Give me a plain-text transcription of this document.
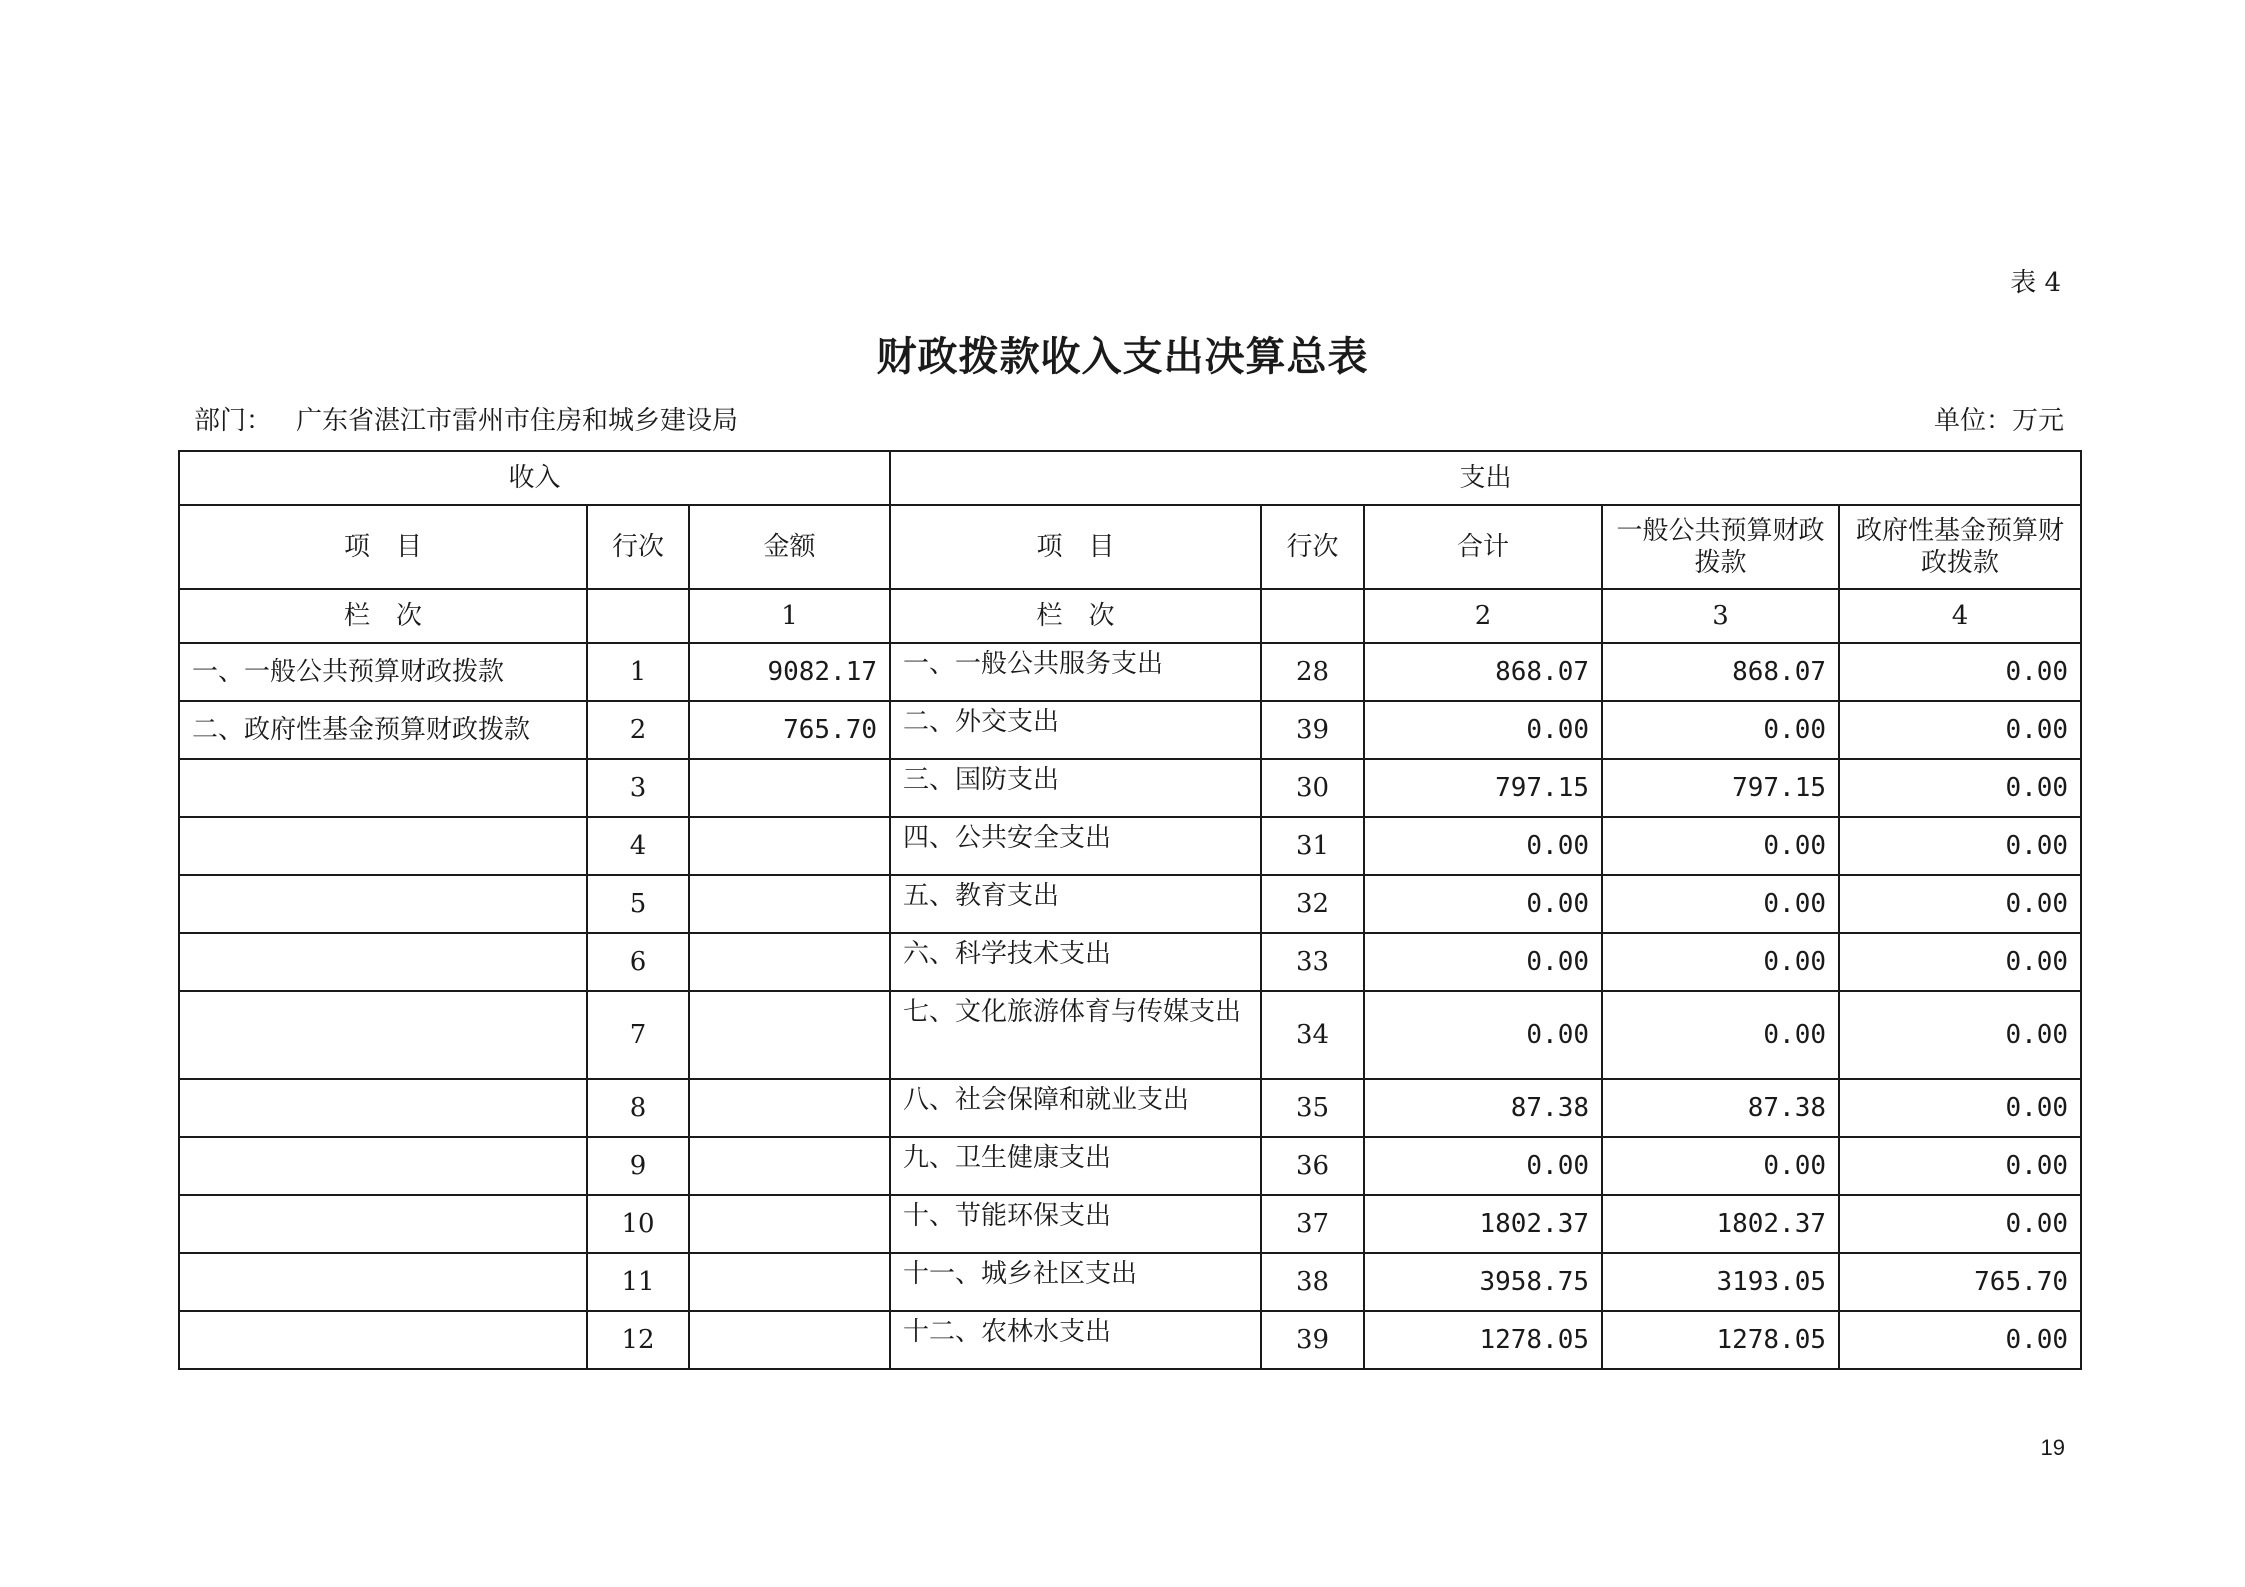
表 4
财政拨款收入支出决算总表
部门： 广东省湛江市雷州市住房和城乡建设局	单位：万元
收入			支出				
项　目	行次	金额	项　目	行次	合计	一般公共预算财政拨款	政府性基金预算财政拨款
栏　次		1	栏　次		2	3	4
一、一般公共预算财政拨款	1	9082.17	一、一般公共服务支出	28	868.07	868.07	0.00
二、政府性基金预算财政拨款	2	765.70	二、外交支出	39	0.00	0.00	0.00
	3		三、国防支出	30	797.15	797.15	0.00
	4		四、公共安全支出	31	0.00	0.00	0.00
	5		五、教育支出	32	0.00	0.00	0.00
	6		六、科学技术支出	33	0.00	0.00	0.00
	7		七、文化旅游体育与传媒支出	34	0.00	0.00	0.00
	8		八、社会保障和就业支出	35	87.38	87.38	0.00
	9		九、卫生健康支出	36	0.00	0.00	0.00
	10		十、节能环保支出	37	1802.37	1802.37	0.00
	11		十一、城乡社区支出	38	3958.75	3193.05	765.70
	12		十二、农林水支出	39	1278.05	1278.05	0.00
19
